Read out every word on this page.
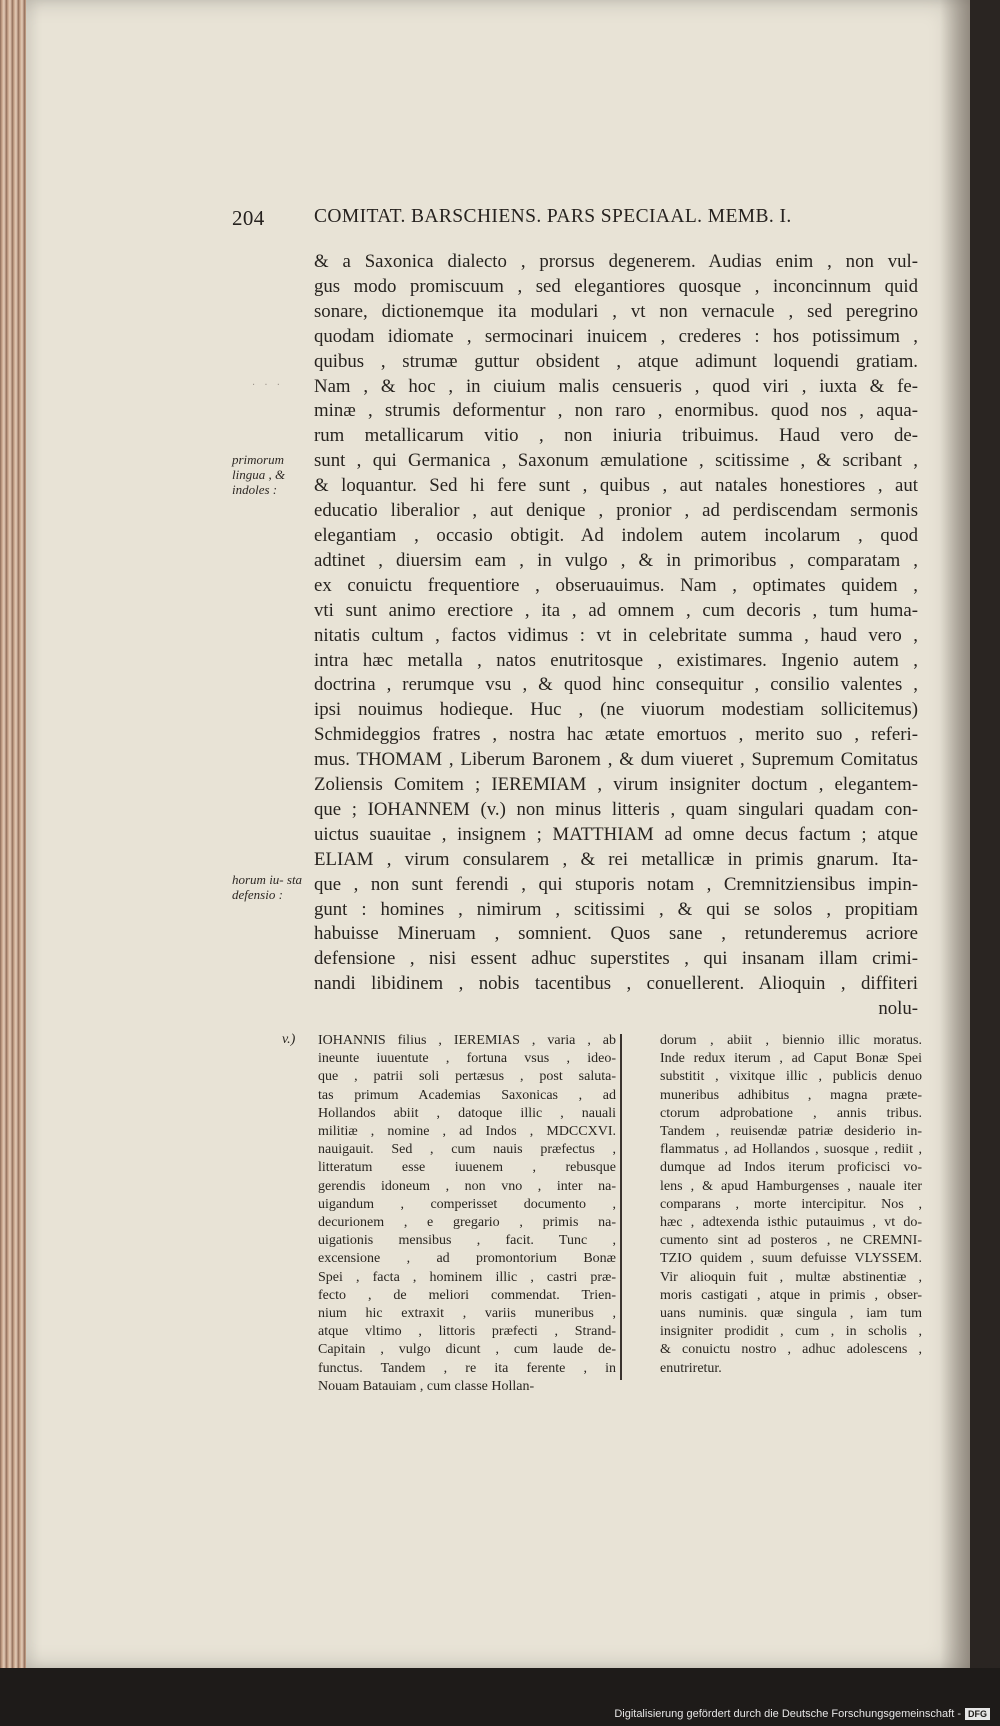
204	COMITAT. BARSCHIENS. PARS SPECIAAL. MEMB. I.
& a Saxonica dialecto , prorsus degenerem. Audias enim , non vul-
gus modo promiscuum , sed elegantiores quosque , inconcinnum quid
sonare, dictionemque ita modulari , vt non vernacule , sed peregrino
quodam idiomate , sermocinari inuicem , crederes : hos potissimum ,
quibus , strumæ guttur obsident , atque adimunt loquendi gratiam.
Nam , & hoc , in ciuium malis censueris , quod viri , iuxta & fe-
minæ , strumis deformentur , non raro , enormibus. quod nos , aqua-
rum metallicarum vitio , non iniuria tribuimus. Haud vero de-
sunt , qui Germanica , Saxonum æmulatione , scitissime , & scribant ,
& loquantur. Sed hi fere sunt , quibus , aut natales honestiores , aut
educatio liberalior , aut denique , pronior , ad perdiscendam sermonis
elegantiam , occasio obtigit. Ad indolem autem incolarum , quod
adtinet , diuersim eam , in vulgo , & in primoribus , comparatam ,
ex conuictu frequentiore , obseruauimus. Nam , optimates quidem ,
vti sunt animo erectiore , ita , ad omnem , cum decoris , tum huma-
nitatis cultum , factos vidimus : vt in celebritate summa , haud vero ,
intra hæc metalla , natos enutritosque , existimares. Ingenio autem ,
doctrina , rerumque vsu , & quod hinc consequitur , consilio valentes ,
ipsi nouimus hodieque. Huc , (ne viuorum modestiam sollicitemus)
Schmideggios fratres , nostra hac ætate emortuos , merito suo , referi-
mus. THOMAM , Liberum Baronem , & dum viueret , Supremum Comitatus
Zoliensis Comitem ; IEREMIAM , virum insigniter doctum , elegantem-
que ; IOHANNEM (v.) non minus litteris , quam singulari quadam con-
uictus suauitae , insignem ; MATTHIAM ad omne decus factum ; atque
ELIAM , virum consularem , & rei metallicæ in primis gnarum. Ita-
que , non sunt ferendi , qui stuporis notam , Cremnitziensibus impin-
gunt : homines , nimirum , scitissimi , & qui se solos , propitiam
habuisse Mineruam , somnient. Quos sane , retunderemus acriore
defensione , nisi essent adhuc superstites , qui insanam illam crimi-
nandi libidinem , nobis tacentibus , conuellerent. Alioquin , diffiteri
nolu-
primorum lingua , & indoles :
horum iu- sta defensio :
· · ·
v.) IOHANNIS filius , IEREMIAS , varia , ab
ineunte iuuentute , fortuna vsus , ideo-
que , patrii soli pertæsus , post saluta-
tas primum Academias Saxonicas , ad
Hollandos abiit , datoque illic , nauali
militiæ , nomine , ad Indos , MDCCXVI.
nauigauit. Sed , cum nauis præfectus ,
litteratum esse iuuenem , rebusque
gerendis idoneum , non vno , inter na-
uigandum , comperisset documento ,
decurionem , e gregario , primis na-
uigationis mensibus , facit. Tunc ,
excensione , ad promontorium Bonæ
Spei , facta , hominem illic , castri præ-
fecto , de meliori commendat. Trien-
nium hic extraxit , variis muneribus ,
atque vltimo , littoris præfecti , Strand-
Capitain , vulgo dicunt , cum laude de-
functus. Tandem , re ita ferente , in
Nouam Batauiam , cum classe Hollan-
dorum , abiit , biennio illic moratus.
Inde redux iterum , ad Caput Bonæ Spei
substitit , vixitque illic , publicis denuo
muneribus adhibitus , magna præte-
ctorum adprobatione , annis tribus.
Tandem , reuisendæ patriæ desiderio in-
flammatus , ad Hollandos , suosque , rediit ,
dumque ad Indos iterum proficisci vo-
lens , & apud Hamburgenses , nauale iter
comparans , morte intercipitur. Nos ,
hæc , adtexenda isthic putauimus , vt do-
cumento sint ad posteros , ne CREMNI-
TZIO quidem , suum defuisse VLYSSEM.
Vir alioquin fuit , multæ abstinentiæ ,
moris castigati , atque in primis , obser-
uans numinis. quæ singula , iam tum
insigniter prodidit , cum , in scholis ,
& conuictu nostro , adhuc adolescens ,
enutriretur.
Digitalisierung gefördert durch die Deutsche Forschungsgemeinschaft - DFG
